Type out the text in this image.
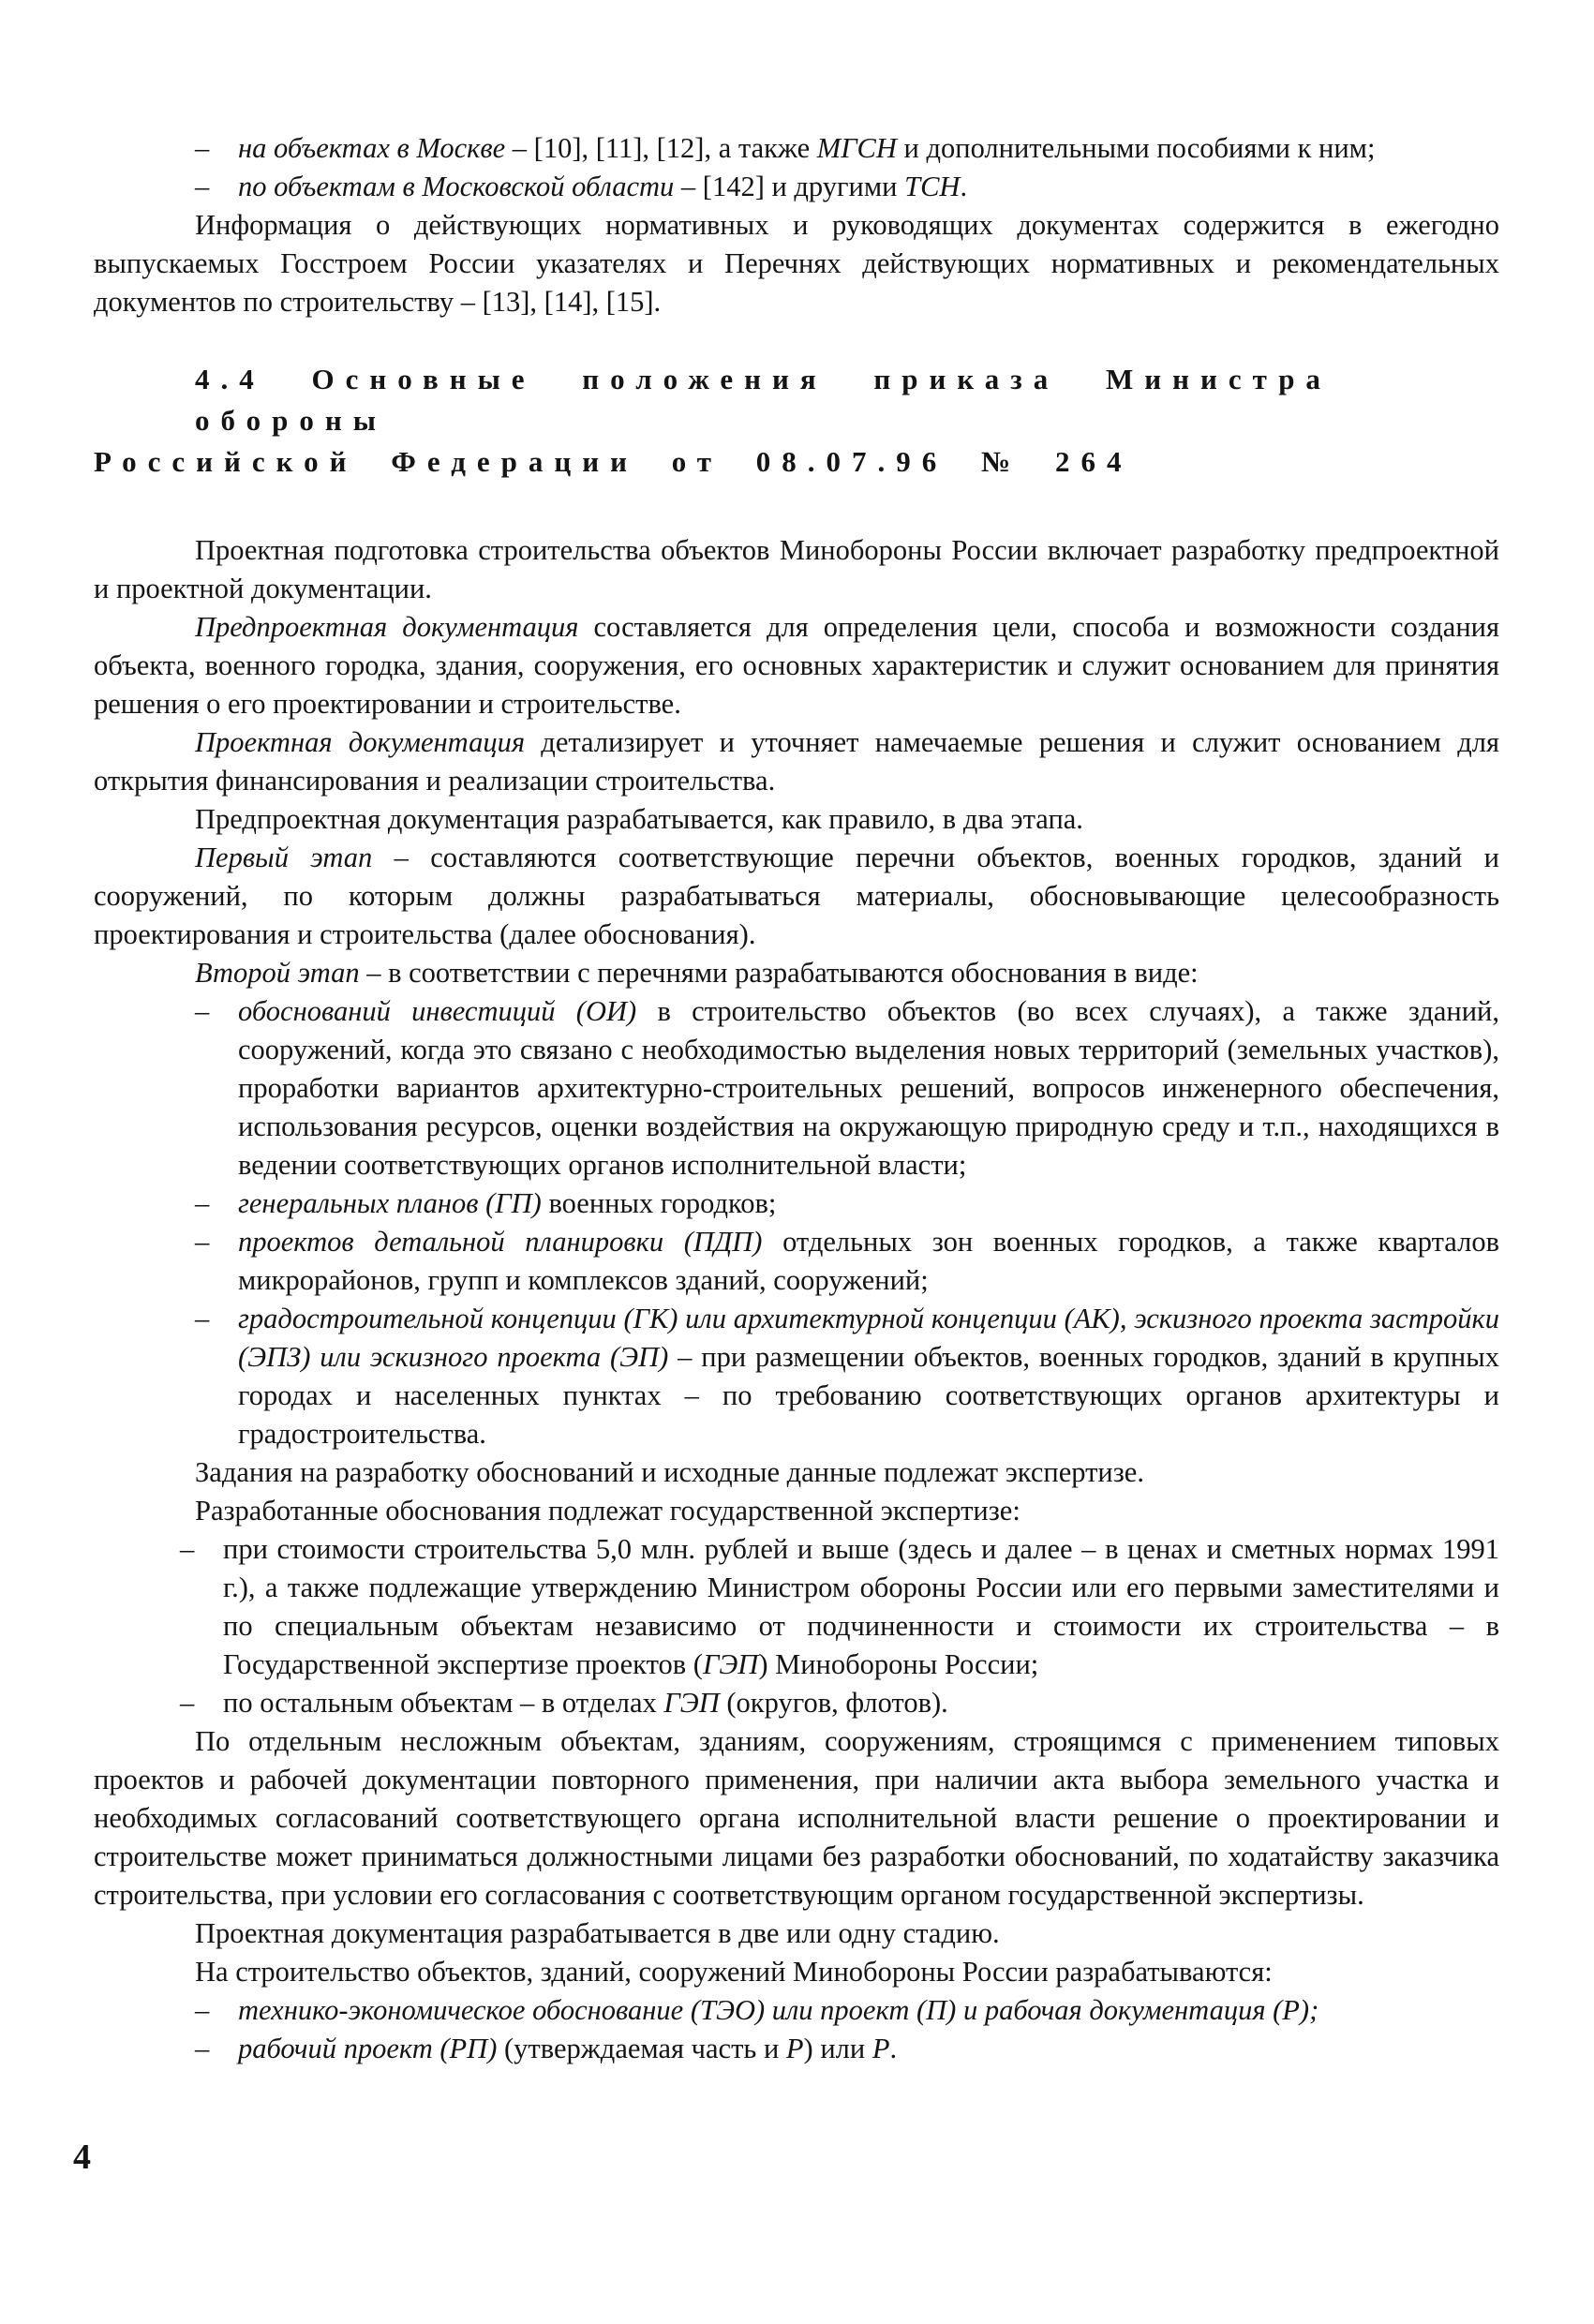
– на объектах в Москве – [10], [11], [12], а также МГСН и дополнительными пособиями к ним;

– по объектам в Московской области – [142] и другими ТСН.

Информация о действующих нормативных и руководящих документах содержится в ежегодно выпускаемых Госстроем России указателях и Перечнях действующих нормативных и рекомендательных документов по строительству – [13], [14], [15].

4.4 Основные положения приказа Министра обороны
Российской Федерации от 08.07.96 № 264

Проектная подготовка строительства объектов Минобороны России включает разработку предпроектной и проектной документации.

Предпроектная документация составляется для определения цели, способа и возможности создания объекта, военного городка, здания, сооружения, его основных характеристик и служит основанием для принятия решения о его проектировании и строительстве.

Проектная документация детализирует и уточняет намечаемые решения и служит основанием для открытия финансирования и реализации строительства.

Предпроектная документация разрабатывается, как правило, в два этапа.

Первый этап – составляются соответствующие перечни объектов, военных городков, зданий и сооружений, по которым должны разрабатываться материалы, обосновывающие целесообразность проектирования и строительства (далее обоснования).

Второй этап – в соответствии с перечнями разрабатываются обоснования в виде:

– обоснований инвестиций (ОИ) в строительство объектов (во всех случаях), а также зданий, сооружений, когда это связано с необходимостью выделения новых территорий (земельных участков), проработки вариантов архитектурно-строительных решений, вопросов инженерного обеспечения, использования ресурсов, оценки воздействия на окружающую природную среду и т.п., находящихся в ведении соответствующих органов исполнительной власти;

– генеральных планов (ГП) военных городков;

– проектов детальной планировки (ПДП) отдельных зон военных городков, а также кварталов микрорайонов, групп и комплексов зданий, сооружений;

– градостроительной концепции (ГК) или архитектурной концепции (АК), эскизного проекта застройки (ЭПЗ) или эскизного проекта (ЭП) – при размещении объектов, военных городков, зданий в крупных городах и населенных пунктах – по требованию соответствующих органов архитектуры и градостроительства.

Задания на разработку обоснований и исходные данные подлежат экспертизе.

Разработанные обоснования подлежат государственной экспертизе:

– при стоимости строительства 5,0 млн. рублей и выше (здесь и далее – в ценах и сметных нормах 1991 г.), а также подлежащие утверждению Министром обороны России или его первыми заместителями и по специальным объектам независимо от подчиненности и стоимости их строительства – в Государственной экспертизе проектов (ГЭП) Минобороны России;

– по остальным объектам – в отделах ГЭП (округов, флотов).

По отдельным несложным объектам, зданиям, сооружениям, строящимся с применением типовых проектов и рабочей документации повторного применения, при наличии акта выбора земельного участка и необходимых согласований соответствующего органа исполнительной власти решение о проектировании и строительстве может приниматься должностными лицами без разработки обоснований, по ходатайству заказчика строительства, при условии его согласования с соответствующим органом государственной экспертизы.

Проектная документация разрабатывается в две или одну стадию.

На строительство объектов, зданий, сооружений Минобороны России разрабатываются:

– технико-экономическое обоснование (ТЭО) или проект (П) и рабочая документация (Р);

– рабочий проект (РП) (утверждаемая часть и Р) или Р.

4
